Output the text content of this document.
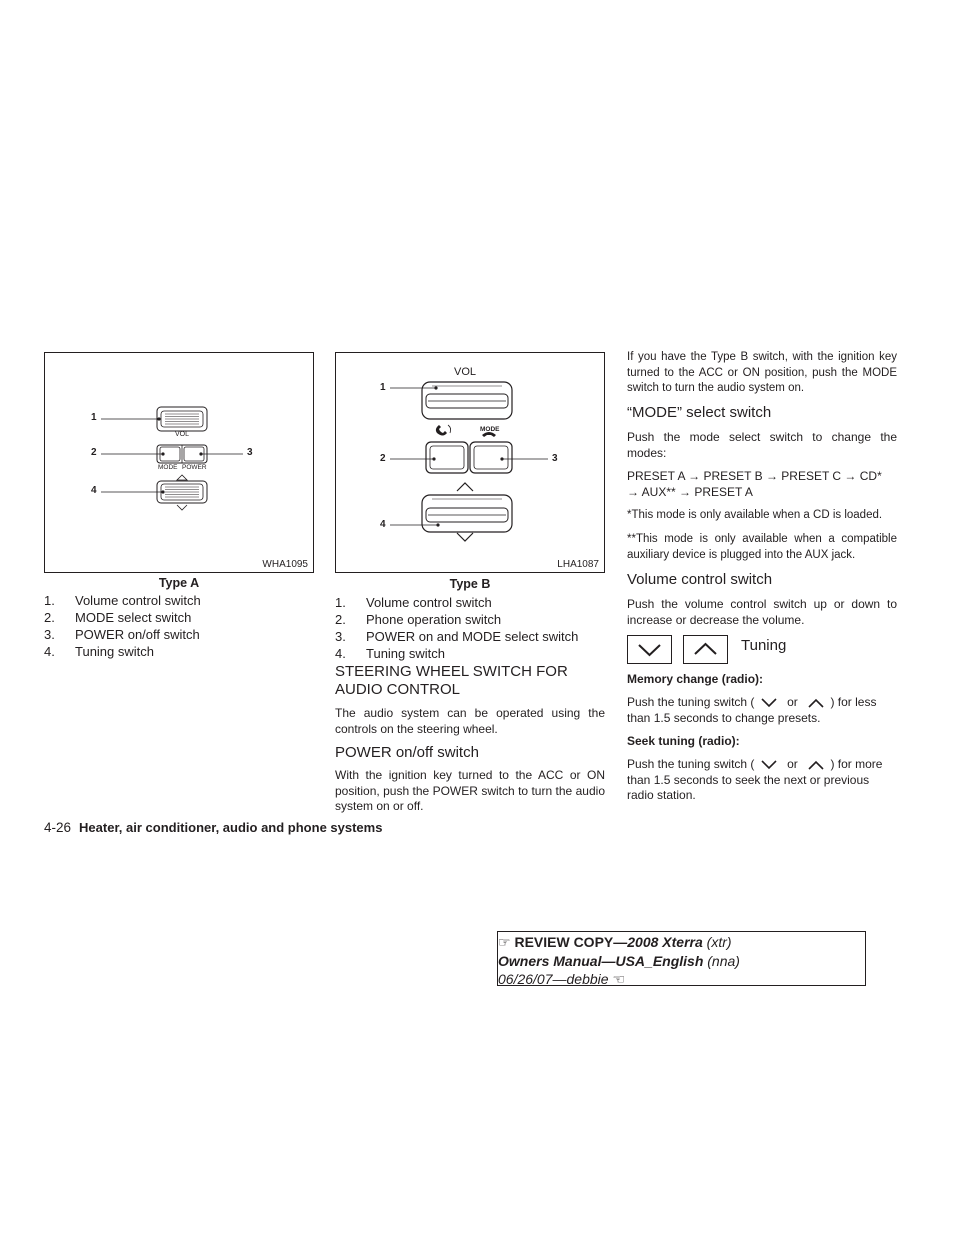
1
2	3
4
VOL
MODE POWER
WHA1095
Type A
1. Volume control switch
2. MODE select switch
3. POWER on/off switch
4. Tuning switch
VOL
MODE
1
2	3
4
LHA1087
Type B
1. Volume control switch
2. Phone operation switch
3. POWER on and MODE select switch
4. Tuning switch
STEERING WHEEL SWITCH FOR
AUDIO CONTROL
The audio system can be operated using the controls on the steering wheel.
POWER on/off switch
With the ignition key turned to the ACC or ON position, push the POWER switch to turn the audio system on or off.
If you have the Type B switch, with the ignition key turned to the ACC or ON position, push the MODE switch to turn the audio system on.
“MODE” select switch
Push the mode select switch to change the modes:
PRESET A → PRESET B → PRESET C → CD* → AUX** → PRESET A
*This mode is only available when a CD is loaded.
**This mode is only available when a compatible auxiliary device is plugged into the AUX jack.
Volume control switch
Push the volume control switch up or down to increase or decrease the volume.
Tuning
Memory change (radio):
Push the tuning switch (	or	) for less than 1.5 seconds to change presets.
Seek tuning (radio):
Push the tuning switch (	or	) for more than 1.5 seconds to seek the next or previous radio station.
4-26 Heater, air conditioner, audio and phone systems
☞ REVIEW COPY—2008 Xterra (xtr)
Owners Manual—USA_English (nna)
06/26/07—debbie ☜
